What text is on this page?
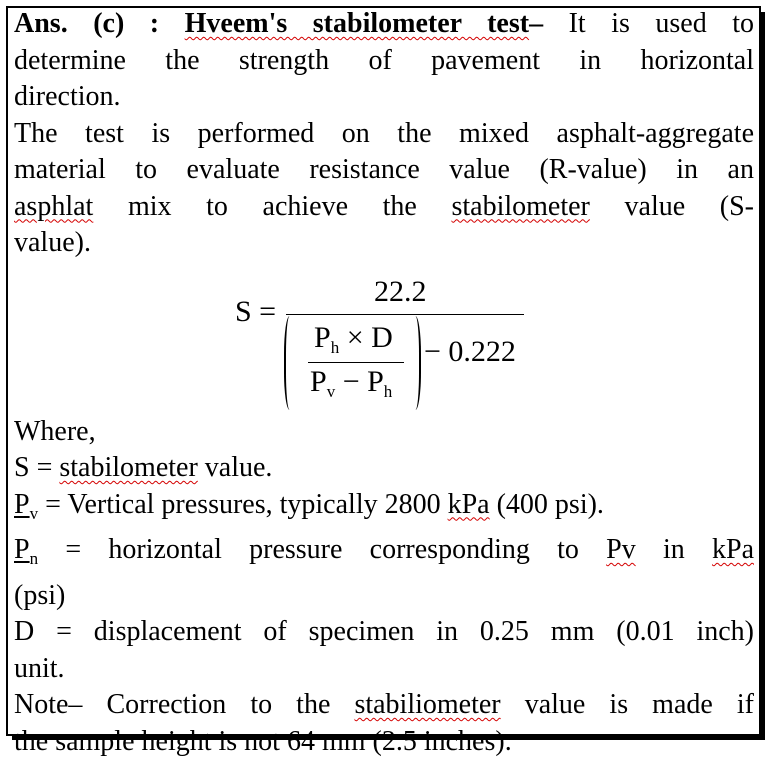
Ans. (c) : Hveem's stabilometer test– It is used to
determine the strength of pavement in horizontal
direction.
The test is performed on the mixed asphalt-aggregate
material to evaluate resistance value (R-value) in an
asphlat mix to achieve the stabilometer value (S-
value).
S =
22.2
$P_h \times D$
$P_v - P_h$
− 0.222
Where,
S = stabilometer value.
$P_v$ = Vertical pressures, typically 2800 kPa (400 psi).
$P_n$ = horizontal pressure corresponding to Pv in kPa
(psi)
D = displacement of specimen in 0.25 mm (0.01 inch)
unit.
Note– Correction to the stabiliometer value is made if
the sample height is not 64 mm (2.5 inches).
